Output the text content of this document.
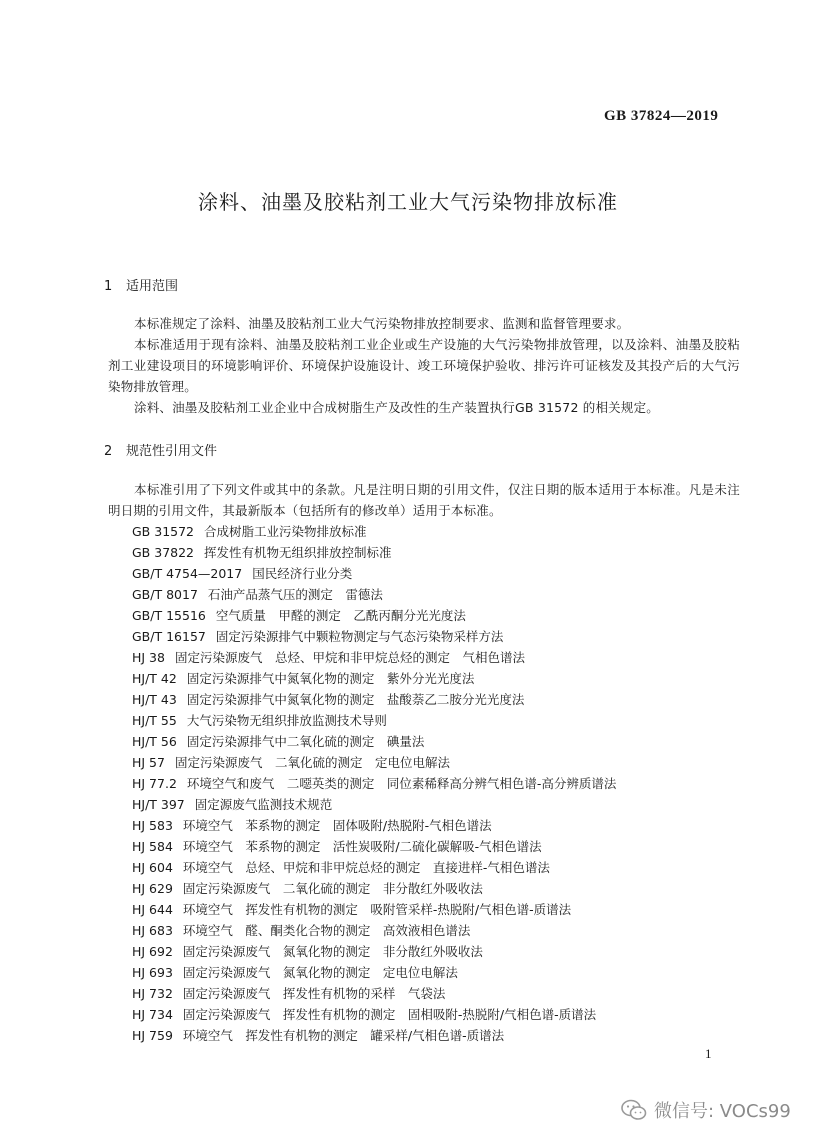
GB 37824—2019
涂料、油墨及胶粘剂工业大气污染物排放标准
1 适用范围
本标准规定了涂料、油墨及胶粘剂工业大气污染物排放控制要求、监测和监督管理要求。
本标准适用于现有涂料、油墨及胶粘剂工业企业或生产设施的大气污染物排放管理，以及涂料、油墨及胶粘剂工业建设项目的环境影响评价、环境保护设施设计、竣工环境保护验收、排污许可证核发及其投产后的大气污染物排放管理。
涂料、油墨及胶粘剂工业企业中合成树脂生产及改性的生产装置执行GB 31572 的相关规定。
2 规范性引用文件
本标准引用了下列文件或其中的条款。凡是注明日期的引用文件，仅注日期的版本适用于本标准。凡是未注明日期的引用文件，其最新版本（包括所有的修改单）适用于本标准。
GB 31572 合成树脂工业污染物排放标准
GB 37822 挥发性有机物无组织排放控制标准
GB/T 4754—2017 国民经济行业分类
GB/T 8017 石油产品蒸气压的测定　雷德法
GB/T 15516 空气质量　甲醛的测定　乙酰丙酮分光光度法
GB/T 16157 固定污染源排气中颗粒物测定与气态污染物采样方法
HJ 38 固定污染源废气　总烃、甲烷和非甲烷总烃的测定　气相色谱法
HJ/T 42 固定污染源排气中氮氧化物的测定　紫外分光光度法
HJ/T 43 固定污染源排气中氮氧化物的测定　盐酸萘乙二胺分光光度法
HJ/T 55 大气污染物无组织排放监测技术导则
HJ/T 56 固定污染源排气中二氧化硫的测定　碘量法
HJ 57 固定污染源废气　二氧化硫的测定　定电位电解法
HJ 77.2 环境空气和废气　二噁英类的测定　同位素稀释高分辨气相色谱-高分辨质谱法
HJ/T 397 固定源废气监测技术规范
HJ 583 环境空气　苯系物的测定　固体吸附/热脱附-气相色谱法
HJ 584 环境空气　苯系物的测定　活性炭吸附/二硫化碳解吸-气相色谱法
HJ 604 环境空气　总烃、甲烷和非甲烷总烃的测定　直接进样-气相色谱法
HJ 629 固定污染源废气　二氧化硫的测定　非分散红外吸收法
HJ 644 环境空气　挥发性有机物的测定　吸附管采样-热脱附/气相色谱-质谱法
HJ 683 环境空气　醛、酮类化合物的测定　高效液相色谱法
HJ 692 固定污染源废气　氮氧化物的测定　非分散红外吸收法
HJ 693 固定污染源废气　氮氧化物的测定　定电位电解法
HJ 732 固定污染源废气　挥发性有机物的采样　气袋法
HJ 734 固定污染源废气　挥发性有机物的测定　固相吸附-热脱附/气相色谱-质谱法
HJ 759 环境空气　挥发性有机物的测定　罐采样/气相色谱-质谱法
1
微信号: VOCs99
